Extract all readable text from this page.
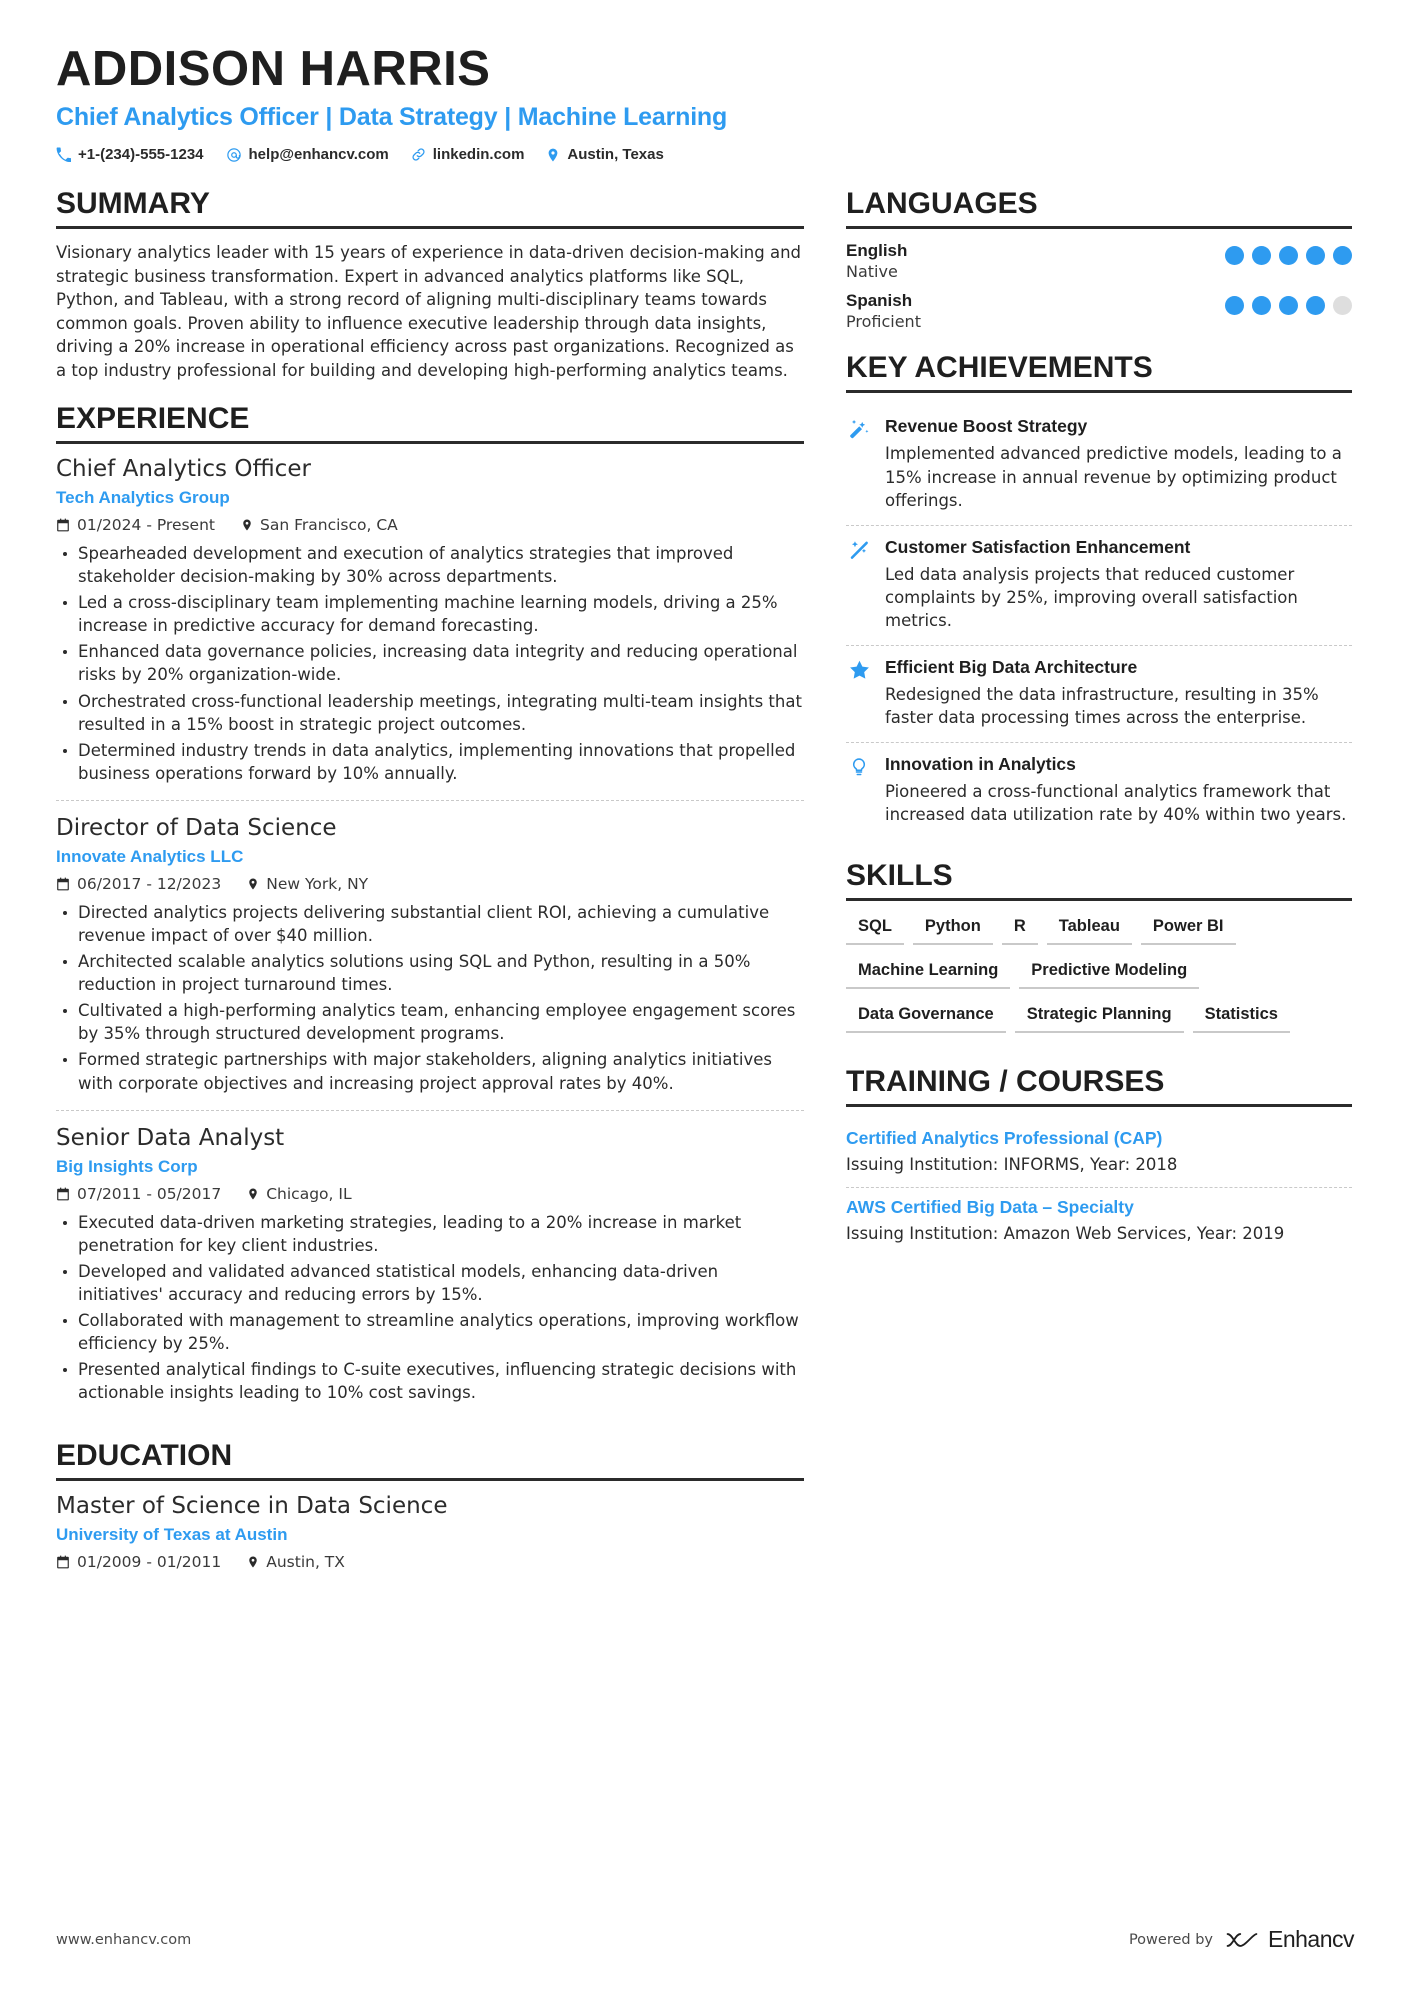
ADDISON HARRIS
Chief Analytics Officer | Data Strategy | Machine Learning
+1-(234)-555-1234	help@enhancv.com	linkedin.com	Austin, Texas
SUMMARY
Visionary analytics leader with 15 years of experience in data-driven decision-making and strategic business transformation. Expert in advanced analytics platforms like SQL, Python, and Tableau, with a strong record of aligning multi-disciplinary teams towards common goals. Proven ability to influence executive leadership through data insights, driving a 20% increase in operational efficiency across past organizations. Recognized as a top industry professional for building and developing high-performing analytics teams.
EXPERIENCE
Chief Analytics Officer
Tech Analytics Group
01/2024 - Present	San Francisco, CA
Spearheaded development and execution of analytics strategies that improved stakeholder decision-making by 30% across departments.
Led a cross-disciplinary team implementing machine learning models, driving a 25% increase in predictive accuracy for demand forecasting.
Enhanced data governance policies, increasing data integrity and reducing operational risks by 20% organization-wide.
Orchestrated cross-functional leadership meetings, integrating multi-team insights that resulted in a 15% boost in strategic project outcomes.
Determined industry trends in data analytics, implementing innovations that propelled business operations forward by 10% annually.
Director of Data Science
Innovate Analytics LLC
06/2017 - 12/2023	New York, NY
Directed analytics projects delivering substantial client ROI, achieving a cumulative revenue impact of over $40 million.
Architected scalable analytics solutions using SQL and Python, resulting in a 50% reduction in project turnaround times.
Cultivated a high-performing analytics team, enhancing employee engagement scores by 35% through structured development programs.
Formed strategic partnerships with major stakeholders, aligning analytics initiatives with corporate objectives and increasing project approval rates by 40%.
Senior Data Analyst
Big Insights Corp
07/2011 - 05/2017	Chicago, IL
Executed data-driven marketing strategies, leading to a 20% increase in market penetration for key client industries.
Developed and validated advanced statistical models, enhancing data-driven initiatives' accuracy and reducing errors by 15%.
Collaborated with management to streamline analytics operations, improving workflow efficiency by 25%.
Presented analytical findings to C-suite executives, influencing strategic decisions with actionable insights leading to 10% cost savings.
EDUCATION
Master of Science in Data Science
University of Texas at Austin
01/2009 - 01/2011	Austin, TX
LANGUAGES
English
Native
Spanish
Proficient
KEY ACHIEVEMENTS
Revenue Boost Strategy
Implemented advanced predictive models, leading to a 15% increase in annual revenue by optimizing product offerings.
Customer Satisfaction Enhancement
Led data analysis projects that reduced customer complaints by 25%, improving overall satisfaction metrics.
Efficient Big Data Architecture
Redesigned the data infrastructure, resulting in 35% faster data processing times across the enterprise.
Innovation in Analytics
Pioneered a cross-functional analytics framework that increased data utilization rate by 40% within two years.
SKILLS
SQL	Python	R	Tableau	Power BI
Machine Learning	Predictive Modeling
Data Governance	Strategic Planning	Statistics
TRAINING / COURSES
Certified Analytics Professional (CAP)
Issuing Institution: INFORMS, Year: 2018
AWS Certified Big Data – Specialty
Issuing Institution: Amazon Web Services, Year: 2019
www.enhancv.com	Powered by Enhancv
